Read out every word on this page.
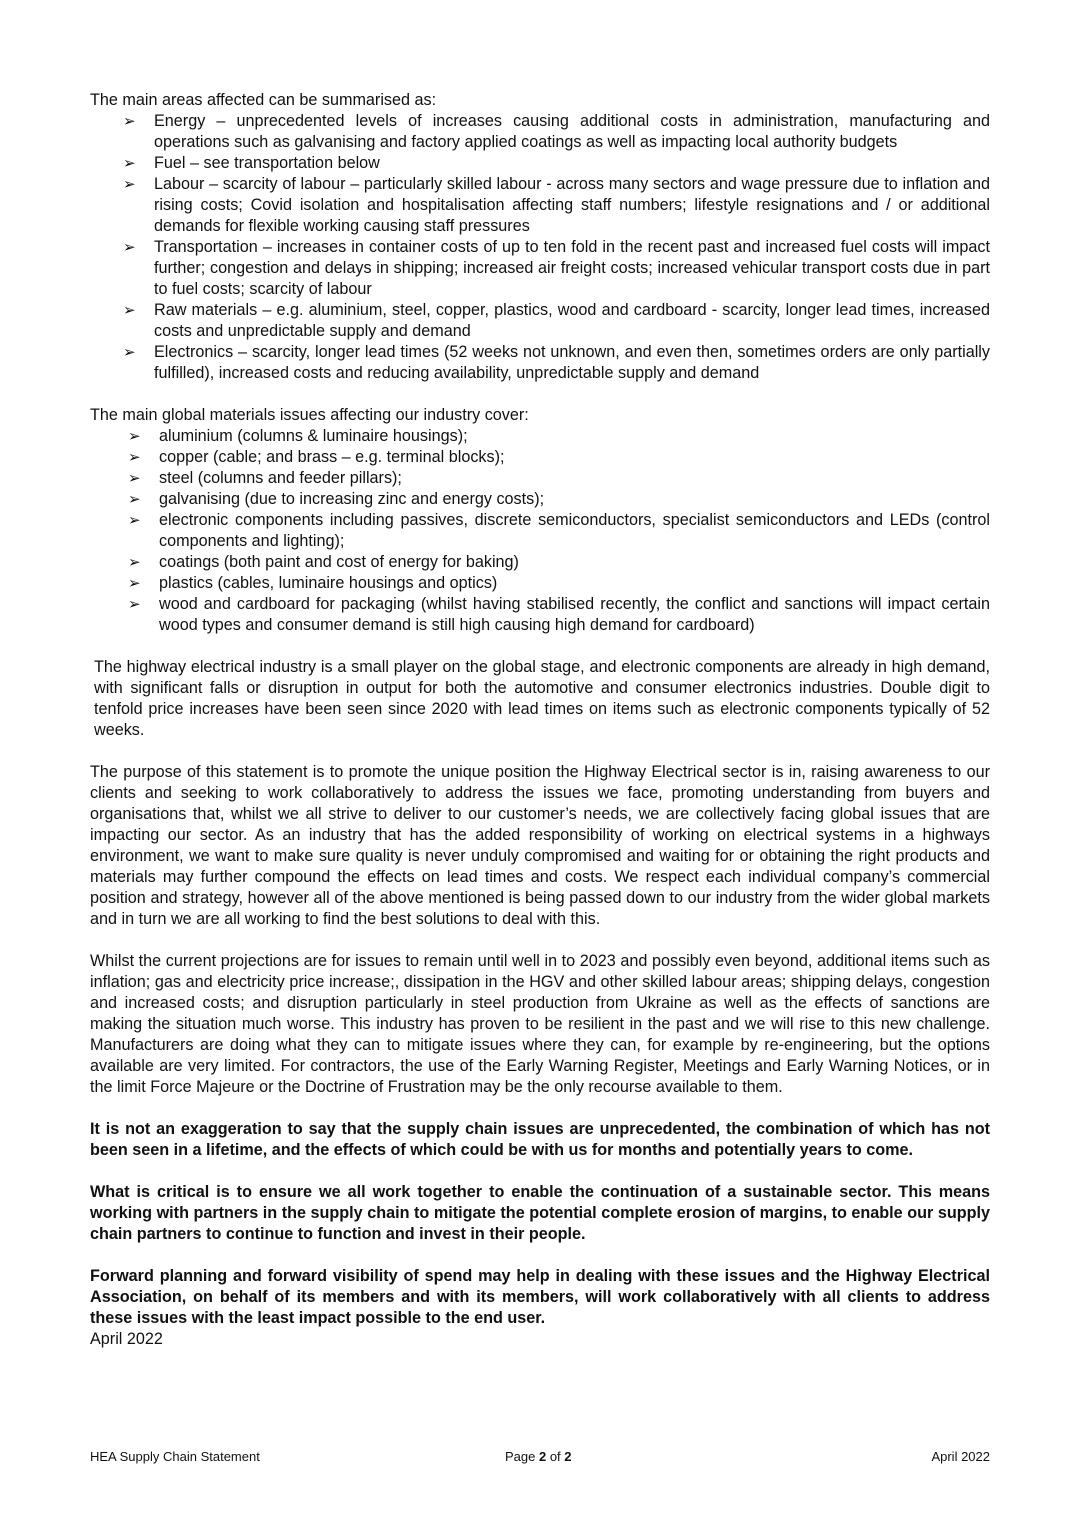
The main areas affected can be summarised as:

➢ Energy – unprecedented levels of increases causing additional costs in administration, manufacturing and operations such as galvanising and factory applied coatings as well as impacting local authority budgets
➢ Fuel – see transportation below
➢ Labour – scarcity of labour – particularly skilled labour - across many sectors and wage pressure due to inflation and rising costs; Covid isolation and hospitalisation affecting staff numbers; lifestyle resignations and / or additional demands for flexible working causing staff pressures
➢ Transportation – increases in container costs of up to ten fold in the recent past and increased fuel costs will impact further; congestion and delays in shipping; increased air freight costs; increased vehicular transport costs due in part to fuel costs; scarcity of labour
➢ Raw materials – e.g. aluminium, steel, copper, plastics, wood and cardboard - scarcity, longer lead times, increased costs and unpredictable supply and demand
➢ Electronics – scarcity, longer lead times (52 weeks not unknown, and even then, sometimes orders are only partially fulfilled), increased costs and reducing availability, unpredictable supply and demand

The main global materials issues affecting our industry cover:

➢ aluminium (columns & luminaire housings);
➢ copper (cable; and brass – e.g. terminal blocks);
➢ steel (columns and feeder pillars);
➢ galvanising (due to increasing zinc and energy costs);
➢ electronic components including passives, discrete semiconductors, specialist semiconductors and LEDs (control components and lighting);
➢ coatings (both paint and cost of energy for baking)
➢ plastics (cables, luminaire housings and optics)
➢ wood and cardboard for packaging (whilst having stabilised recently, the conflict and sanctions will impact certain wood types and consumer demand is still high causing high demand for cardboard)

The highway electrical industry is a small player on the global stage, and electronic components are already in high demand, with significant falls or disruption in output for both the automotive and consumer electronics industries. Double digit to tenfold price increases have been seen since 2020 with lead times on items such as electronic components typically of 52 weeks.

The purpose of this statement is to promote the unique position the Highway Electrical sector is in, raising awareness to our clients and seeking to work collaboratively to address the issues we face, promoting understanding from buyers and organisations that, whilst we all strive to deliver to our customer’s needs, we are collectively facing global issues that are impacting our sector. As an industry that has the added responsibility of working on electrical systems in a highways environment, we want to make sure quality is never unduly compromised and waiting for or obtaining the right products and materials may further compound the effects on lead times and costs. We respect each individual company’s commercial position and strategy, however all of the above mentioned is being passed down to our industry from the wider global markets and in turn we are all working to find the best solutions to deal with this.

Whilst the current projections are for issues to remain until well in to 2023 and possibly even beyond, additional items such as inflation; gas and electricity price increase;, dissipation in the HGV and other skilled labour areas; shipping delays, congestion and increased costs; and disruption particularly in steel production from Ukraine as well as the effects of sanctions are making the situation much worse. This industry has proven to be resilient in the past and we will rise to this new challenge. Manufacturers are doing what they can to mitigate issues where they can, for example by re-engineering, but the options available are very limited. For contractors, the use of the Early Warning Register, Meetings and Early Warning Notices, or in the limit Force Majeure or the Doctrine of Frustration may be the only recourse available to them.

It is not an exaggeration to say that the supply chain issues are unprecedented, the combination of which has not been seen in a lifetime, and the effects of which could be with us for months and potentially years to come.

What is critical is to ensure we all work together to enable the continuation of a sustainable sector. This means working with partners in the supply chain to mitigate the potential complete erosion of margins, to enable our supply chain partners to continue to function and invest in their people.

Forward planning and forward visibility of spend may help in dealing with these issues and the Highway Electrical Association, on behalf of its members and with its members, will work collaboratively with all clients to address these issues with the least impact possible to the end user.

April 2022

HEA Supply Chain Statement	Page 2 of 2	April 2022
